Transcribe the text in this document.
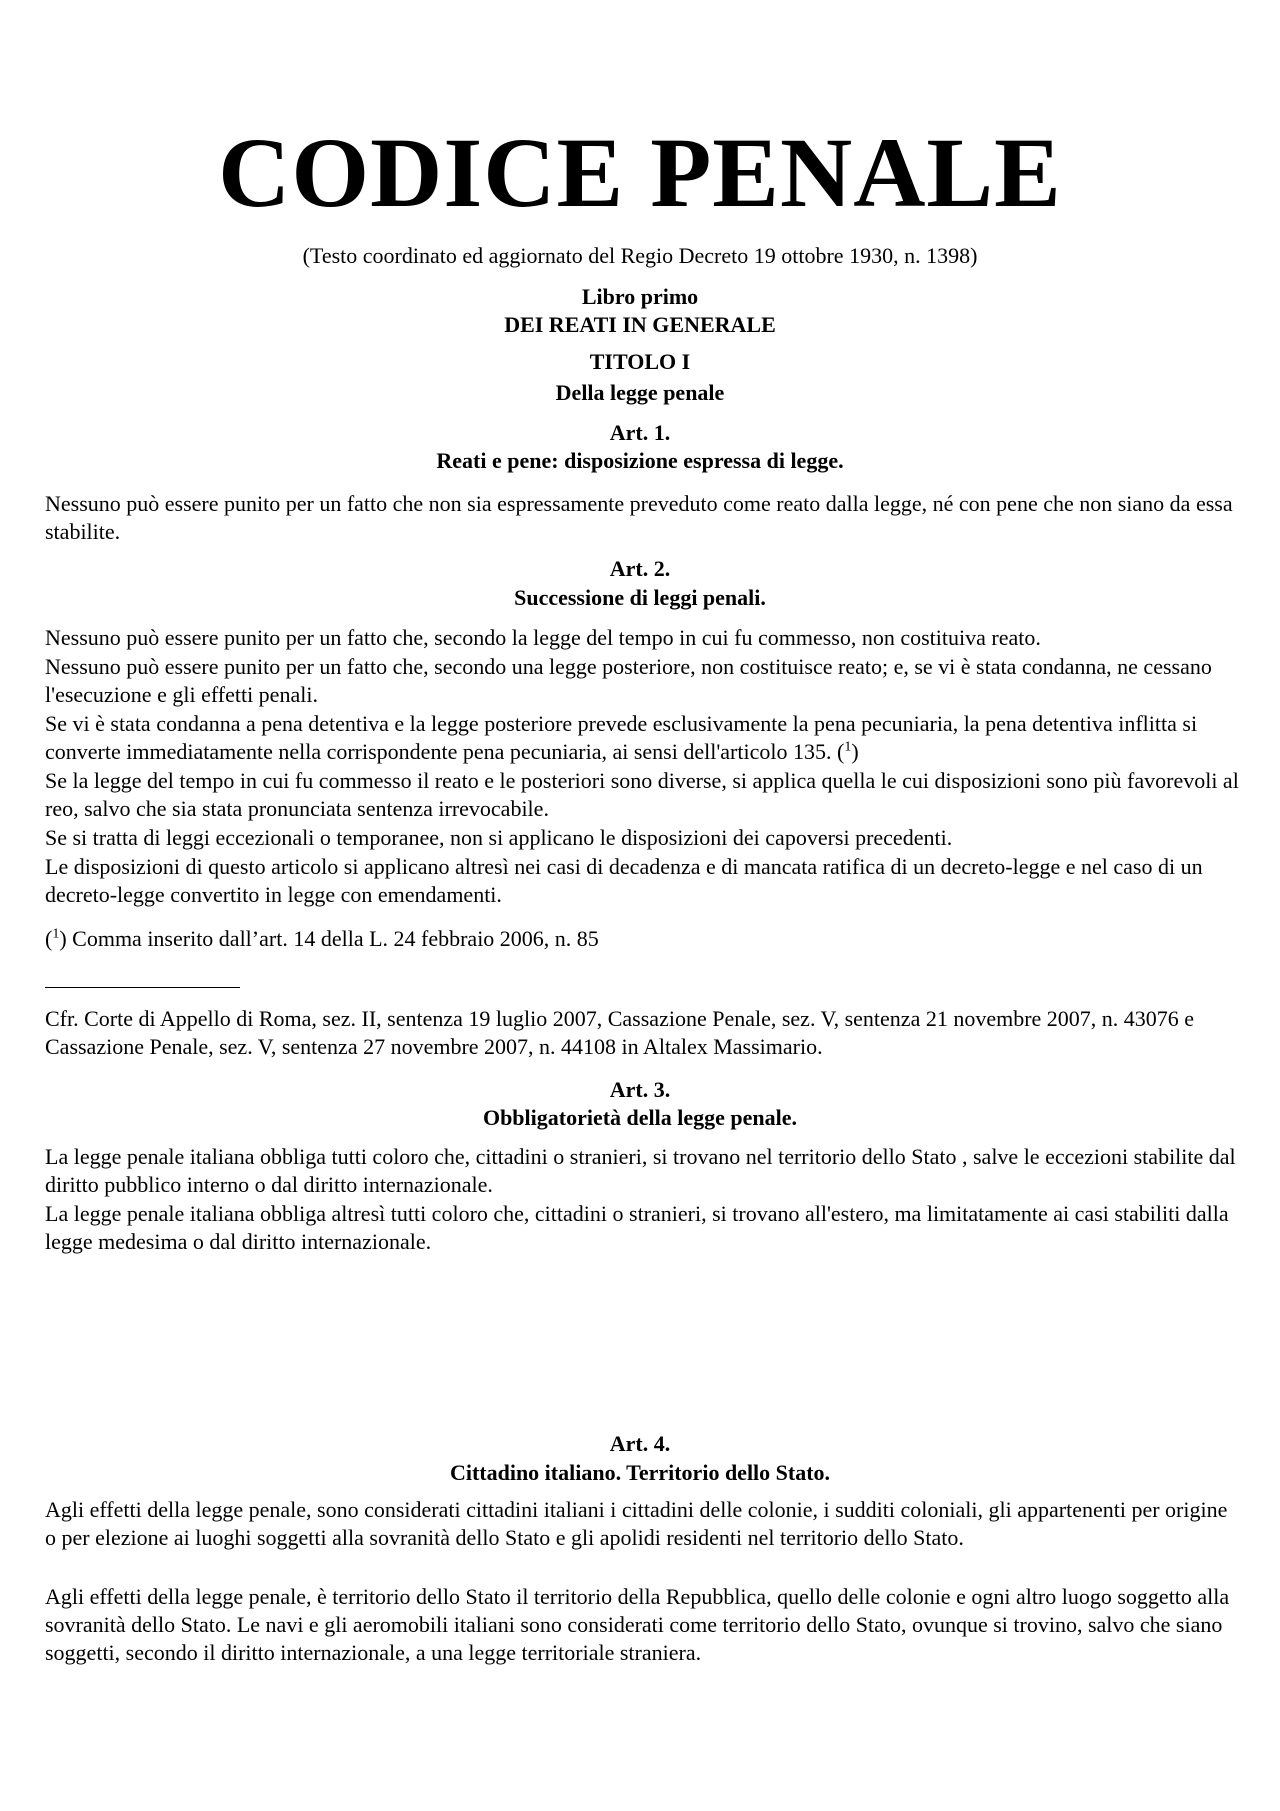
CODICE PENALE
(Testo coordinato ed aggiornato del Regio Decreto 19 ottobre 1930, n. 1398)
Libro primo
DEI REATI IN GENERALE
TITOLO I
Della legge penale
Art. 1.
Reati e pene: disposizione espressa di legge.

Nessuno può essere punito per un fatto che non sia espressamente preveduto come reato dalla legge, né con pene che non siano da essa stabilite.

Art. 2.
Successione di leggi penali.

Nessuno può essere punito per un fatto che, secondo la legge del tempo in cui fu commesso, non costituiva reato.

Nessuno può essere punito per un fatto che, secondo una legge posteriore, non costituisce reato; e, se vi è stata condanna, ne cessano l'esecuzione e gli effetti penali.

Se vi è stata condanna a pena detentiva e la legge posteriore prevede esclusivamente la pena pecuniaria, la pena detentiva inflitta si converte immediatamente nella corrispondente pena pecuniaria, ai sensi dell'articolo 135. ($^1$)

Se la legge del tempo in cui fu commesso il reato e le posteriori sono diverse, si applica quella le cui disposizioni sono più favorevoli al reo, salvo che sia stata pronunciata sentenza irrevocabile.

Se si tratta di leggi eccezionali o temporanee, non si applicano le disposizioni dei capoversi precedenti.

Le disposizioni di questo articolo si applicano altresì nei casi di decadenza e di mancata ratifica di un decreto-legge e nel caso di un decreto-legge convertito in legge con emendamenti.

($^1$) Comma inserito dall’art. 14 della L. 24 febbraio 2006, n. 85

Cfr. Corte di Appello di Roma, sez. II, sentenza 19 luglio 2007, Cassazione Penale, sez. V, sentenza 21 novembre 2007, n. 43076 e Cassazione Penale, sez. V, sentenza 27 novembre 2007, n. 44108 in Altalex Massimario.

Art. 3.
Obbligatorietà della legge penale.

La legge penale italiana obbliga tutti coloro che, cittadini o stranieri, si trovano nel territorio dello Stato , salve le eccezioni stabilite dal diritto pubblico interno o dal diritto internazionale.

La legge penale italiana obbliga altresì tutti coloro che, cittadini o stranieri, si trovano all'estero, ma limitatamente ai casi stabiliti dalla legge medesima o dal diritto internazionale.

Art. 4.
Cittadino italiano. Territorio dello Stato.

Agli effetti della legge penale, sono considerati cittadini italiani i cittadini delle colonie, i sudditi coloniali, gli appartenenti per origine o per elezione ai luoghi soggetti alla sovranità dello Stato e gli apolidi residenti nel territorio dello Stato.

Agli effetti della legge penale, è territorio dello Stato il territorio della Repubblica, quello delle colonie e ogni altro luogo soggetto alla sovranità dello Stato. Le navi e gli aeromobili italiani sono considerati come territorio dello Stato, ovunque si trovino, salvo che siano soggetti, secondo il diritto internazionale, a una legge territoriale straniera.
